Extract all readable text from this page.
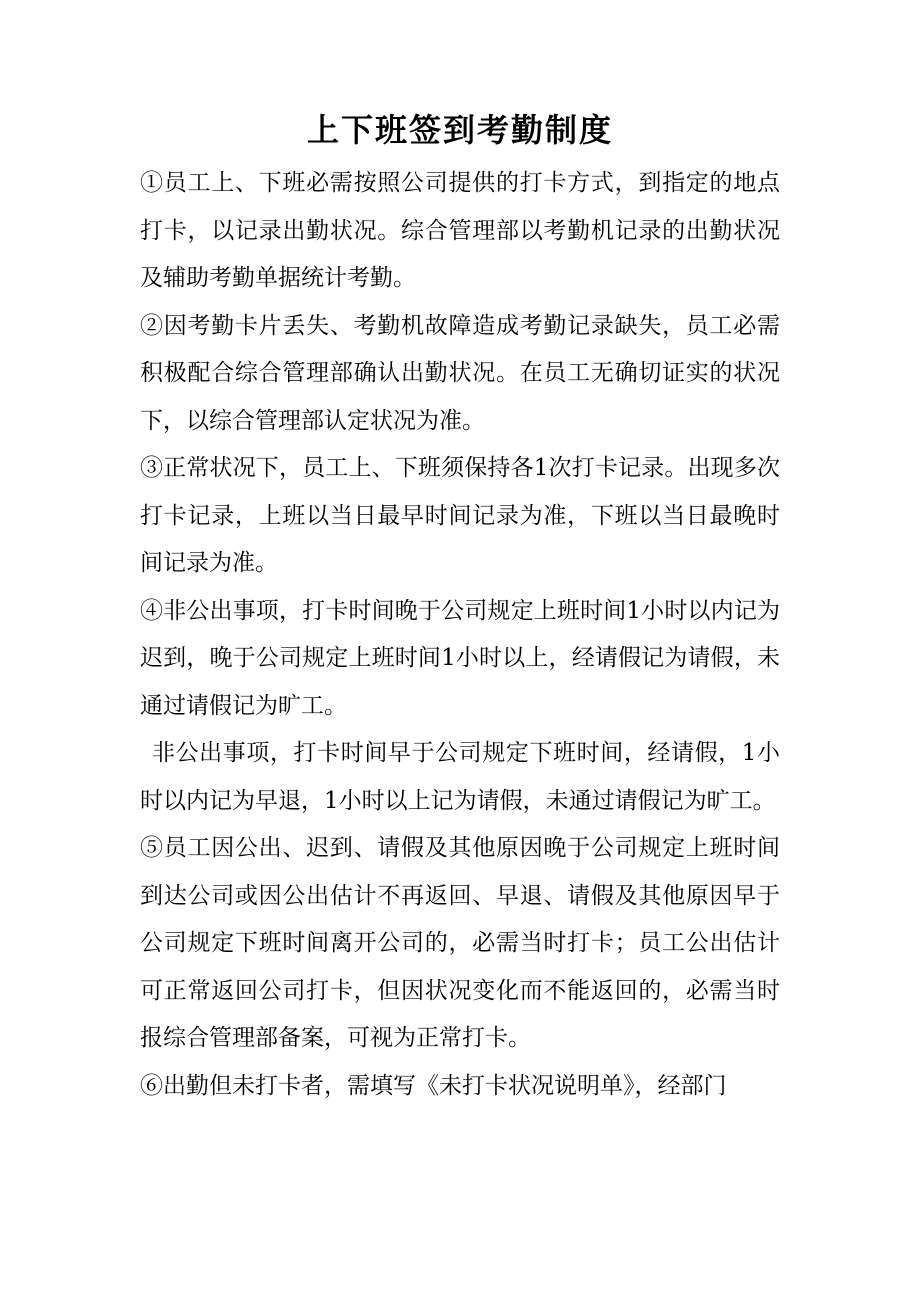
上下班签到考勤制度

①员工上、下班必需按照公司提供的打卡方式，到指定的地点打卡，以记录出勤状况。综合管理部以考勤机记录的出勤状况及辅助考勤单据统计考勤。

②因考勤卡片丢失、考勤机故障造成考勤记录缺失，员工必需积极配合综合管理部确认出勤状况。在员工无确切证实的状况下，以综合管理部认定状况为准。

③正常状况下，员工上、下班须保持各1次打卡记录。出现多次打卡记录，上班以当日最早时间记录为准，下班以当日最晚时间记录为准。

④非公出事项，打卡时间晚于公司规定上班时间1小时以内记为迟到，晚于公司规定上班时间1小时以上，经请假记为请假，未通过请假记为旷工。

非公出事项，打卡时间早于公司规定下班时间，经请假，1小时以内记为早退，1小时以上记为请假，未通过请假记为旷工。

⑤员工因公出、迟到、请假及其他原因晚于公司规定上班时间到达公司或因公出估计不再返回、早退、请假及其他原因早于公司规定下班时间离开公司的，必需当时打卡；员工公出估计可正常返回公司打卡，但因状况变化而不能返回的，必需当时报综合管理部备案，可视为正常打卡。

⑥出勤但未打卡者，需填写《未打卡状况说明单》，经部门
